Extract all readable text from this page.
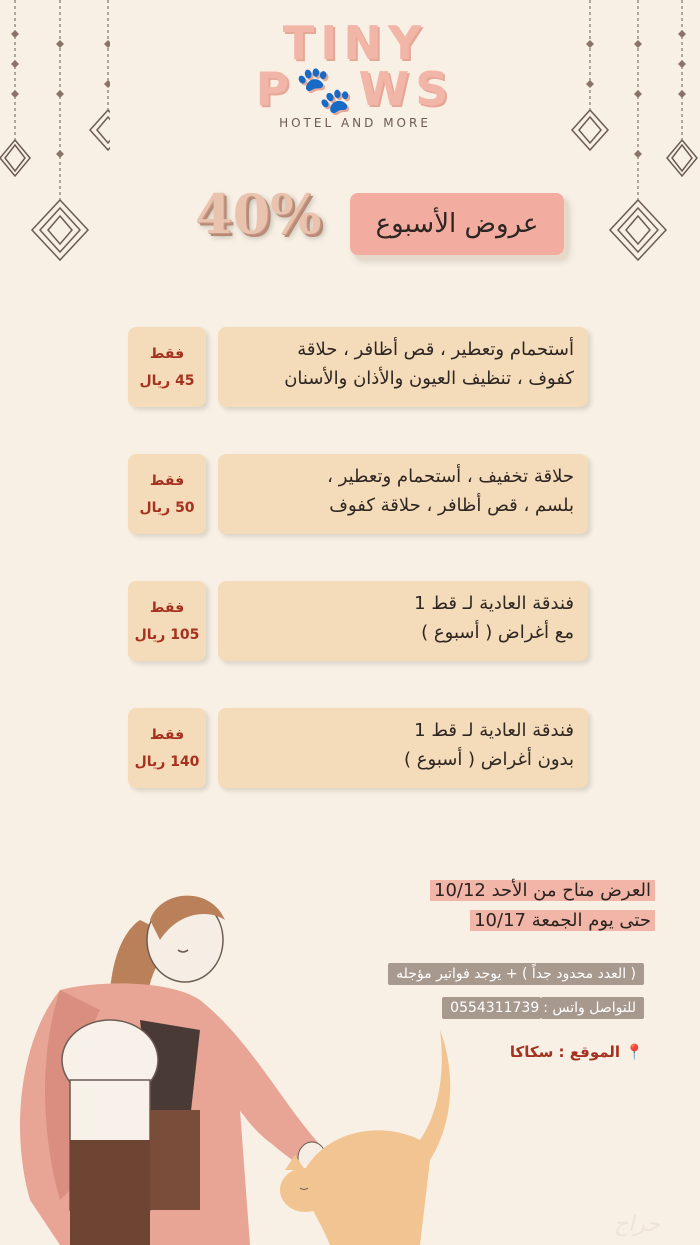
TINY
P🐾WS
HOTEL AND MORE
40%	عروض الأسبوع
أستحمام وتعطير ، قص أظافر ، حلاقة
كفوف ، تنظيف العيون والأذان والأسنان
فقط
45 ريال
حلاقة تخفيف ، أستحمام وتعطير ،
بلسم ، قص أظافر ، حلاقة كفوف
فقط
50 ريال
فندقة العادية لـ قط 1
مع أغراض ( أسبوع )
فقط
105 ريال
فندقة العادية لـ قط 1
بدون أغراض ( أسبوع )
فقط
140 ريال
العرض متاح من الأحد 10/12
حتى يوم الجمعة 10/17
( العدد محدود جداً ) + يوجد فواتير مؤجله
للتواصل واتس :0554311739
📍 الموقع : سكاكا
حراج
